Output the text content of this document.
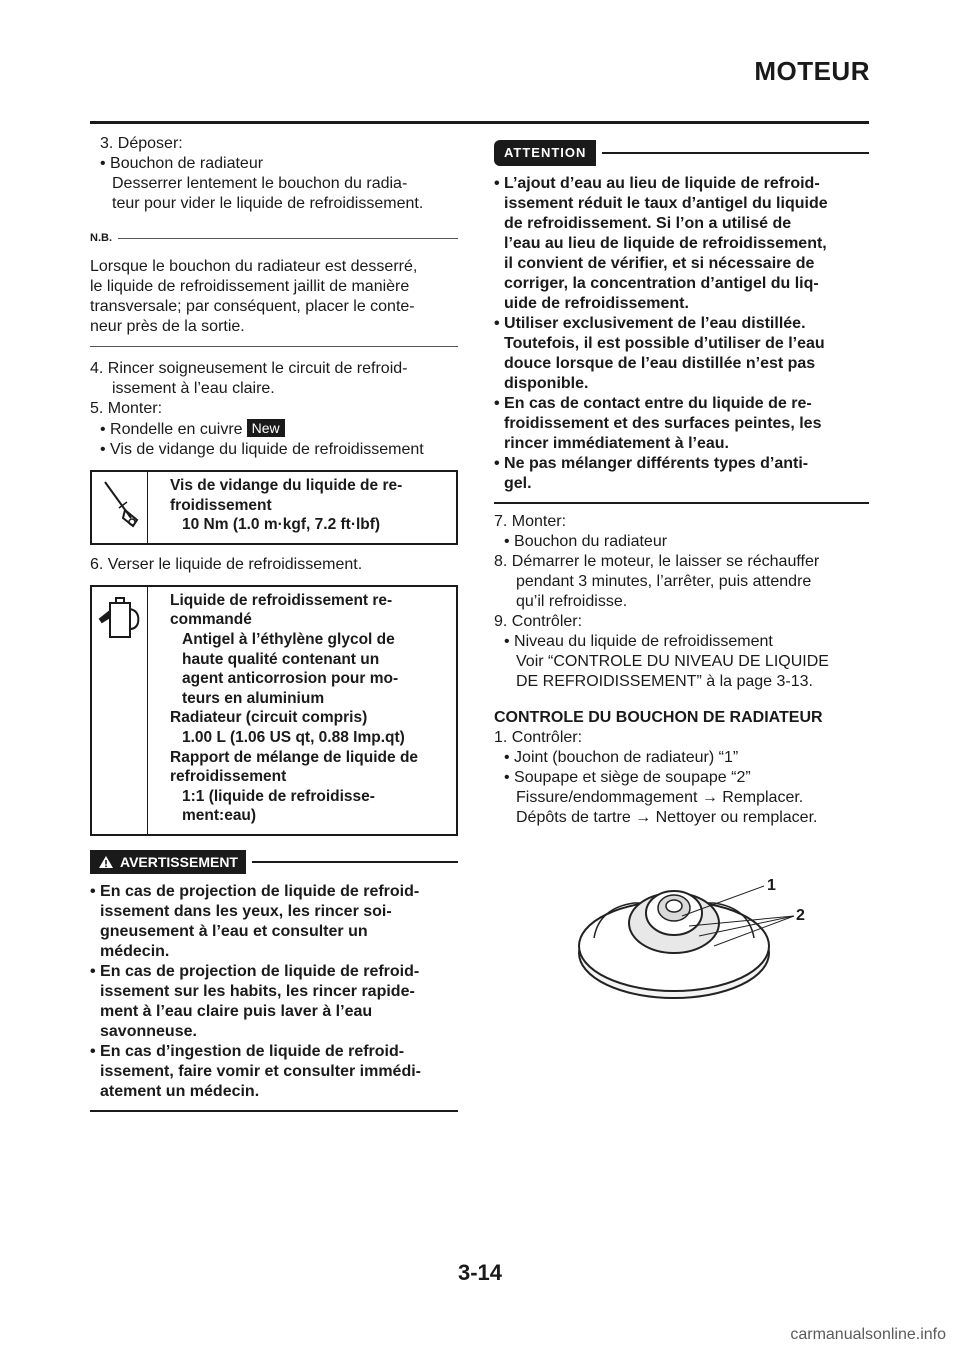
MOTEUR
3. Déposer:
• Bouchon de radiateur
Desserrer lentement le bouchon du radia-
teur pour vider le liquide de refroidissement.
N.B.
Lorsque le bouchon du radiateur est desserré,
le liquide de refroidissement jaillit de manière
transversale; par conséquent, placer le conte-
neur près de la sortie.
4. Rincer soigneusement le circuit de refroid-
issement à l’eau claire.
5. Monter:
• Rondelle en cuivre New
• Vis de vidange du liquide de refroidissement
Vis de vidange du liquide de re-
froidissement
10 Nm (1.0 m·kgf, 7.2 ft·lbf)
6. Verser le liquide de refroidissement.
Liquide de refroidissement re-
commandé
Antigel à l’éthylène glycol de
haute qualité contenant un
agent anticorrosion pour mo-
teurs en aluminium
Radiateur (circuit compris)
1.00 L (1.06 US qt, 0.88 Imp.qt)
Rapport de mélange de liquide de
refroidissement
1:1 (liquide de refroidisse-
ment:eau)
AVERTISSEMENT
• En cas de projection de liquide de refroid-
issement dans les yeux, les rincer soi-
gneusement à l’eau et consulter un
médecin.
• En cas de projection de liquide de refroid-
issement sur les habits, les rincer rapide-
ment à l’eau claire puis laver à l’eau
savonneuse.
• En cas d’ingestion de liquide de refroid-
issement, faire vomir et consulter immédi-
atement un médecin.
ATTENTION
• L’ajout d’eau au lieu de liquide de refroid-
issement réduit le taux d’antigel du liquide
de refroidissement. Si l’on a utilisé de
l’eau au lieu de liquide de refroidissement,
il convient de vérifier, et si nécessaire de
corriger, la concentration d’antigel du liq-
uide de refroidissement.
• Utiliser exclusivement de l’eau distillée.
Toutefois, il est possible d’utiliser de l’eau
douce lorsque de l’eau distillée n’est pas
disponible.
• En cas de contact entre du liquide de re-
froidissement et des surfaces peintes, les
rincer immédiatement à l’eau.
• Ne pas mélanger différents types d’anti-
gel.
7. Monter:
• Bouchon du radiateur
8. Démarrer le moteur, le laisser se réchauffer
pendant 3 minutes, l’arrêter, puis attendre
qu’il refroidisse.
9. Contrôler:
• Niveau du liquide de refroidissement
Voir “CONTROLE DU NIVEAU DE LIQUIDE
DE REFROIDISSEMENT” à la page 3-13.
CONTROLE DU BOUCHON DE RADIATEUR
1. Contrôler:
• Joint (bouchon de radiateur) “1”
• Soupape et siège de soupape “2”
Fissure/endommagement → Remplacer.
Dépôts de tartre → Nettoyer ou remplacer.
1
2
3-14
carmanualsonline.info
